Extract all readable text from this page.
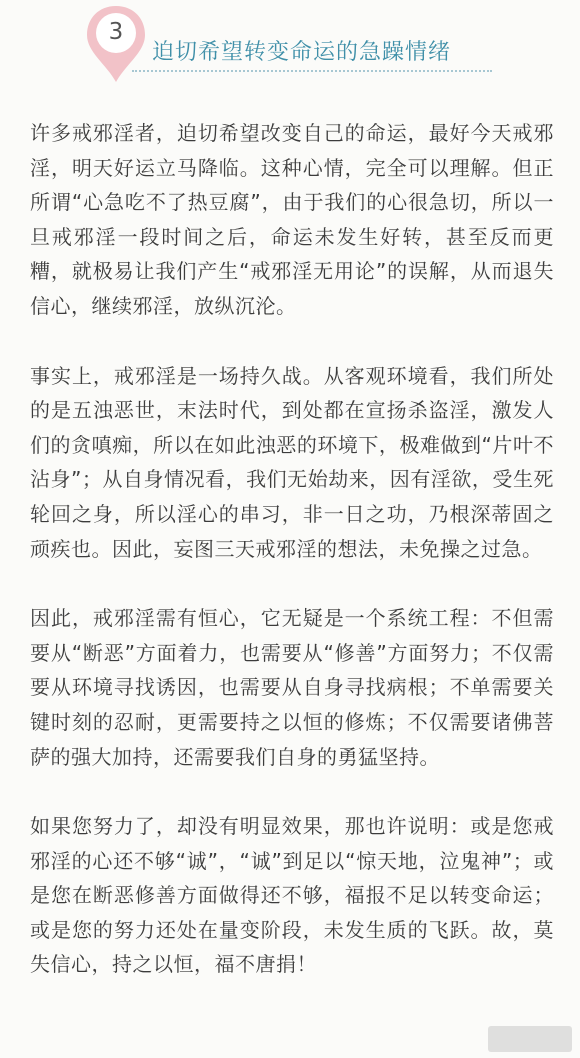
3
迫切希望转变命运的急躁情绪

许多戒邪淫者，迫切希望改变自己的命运，最好今天戒邪淫，明天好运立马降临。这种心情，完全可以理解。但正所谓“心急吃不了热豆腐”，由于我们的心很急切，所以一旦戒邪淫一段时间之后，命运未发生好转，甚至反而更糟，就极易让我们产生“戒邪淫无用论”的误解，从而退失信心，继续邪淫，放纵沉沦。

事实上，戒邪淫是一场持久战。从客观环境看，我们所处的是五浊恶世，末法时代，到处都在宣扬杀盗淫，激发人们的贪嗔痴，所以在如此浊恶的环境下，极难做到“片叶不沾身”；从自身情况看，我们无始劫来，因有淫欲，受生死轮回之身，所以淫心的串习，非一日之功，乃根深蒂固之顽疾也。因此，妄图三天戒邪淫的想法，未免操之过急。

因此，戒邪淫需有恒心，它无疑是一个系统工程：不但需要从“断恶”方面着力，也需要从“修善”方面努力；不仅需要从环境寻找诱因，也需要从自身寻找病根；不单需要关键时刻的忍耐，更需要持之以恒的修炼；不仅需要诸佛菩萨的强大加持，还需要我们自身的勇猛坚持。

如果您努力了，却没有明显效果，那也许说明：或是您戒邪淫的心还不够“诚”，“诚”到足以“惊天地，泣鬼神”；或是您在断恶修善方面做得还不够，福报不足以转变命运；或是您的努力还处在量变阶段，未发生质的飞跃。故，莫失信心，持之以恒，福不唐捐！
